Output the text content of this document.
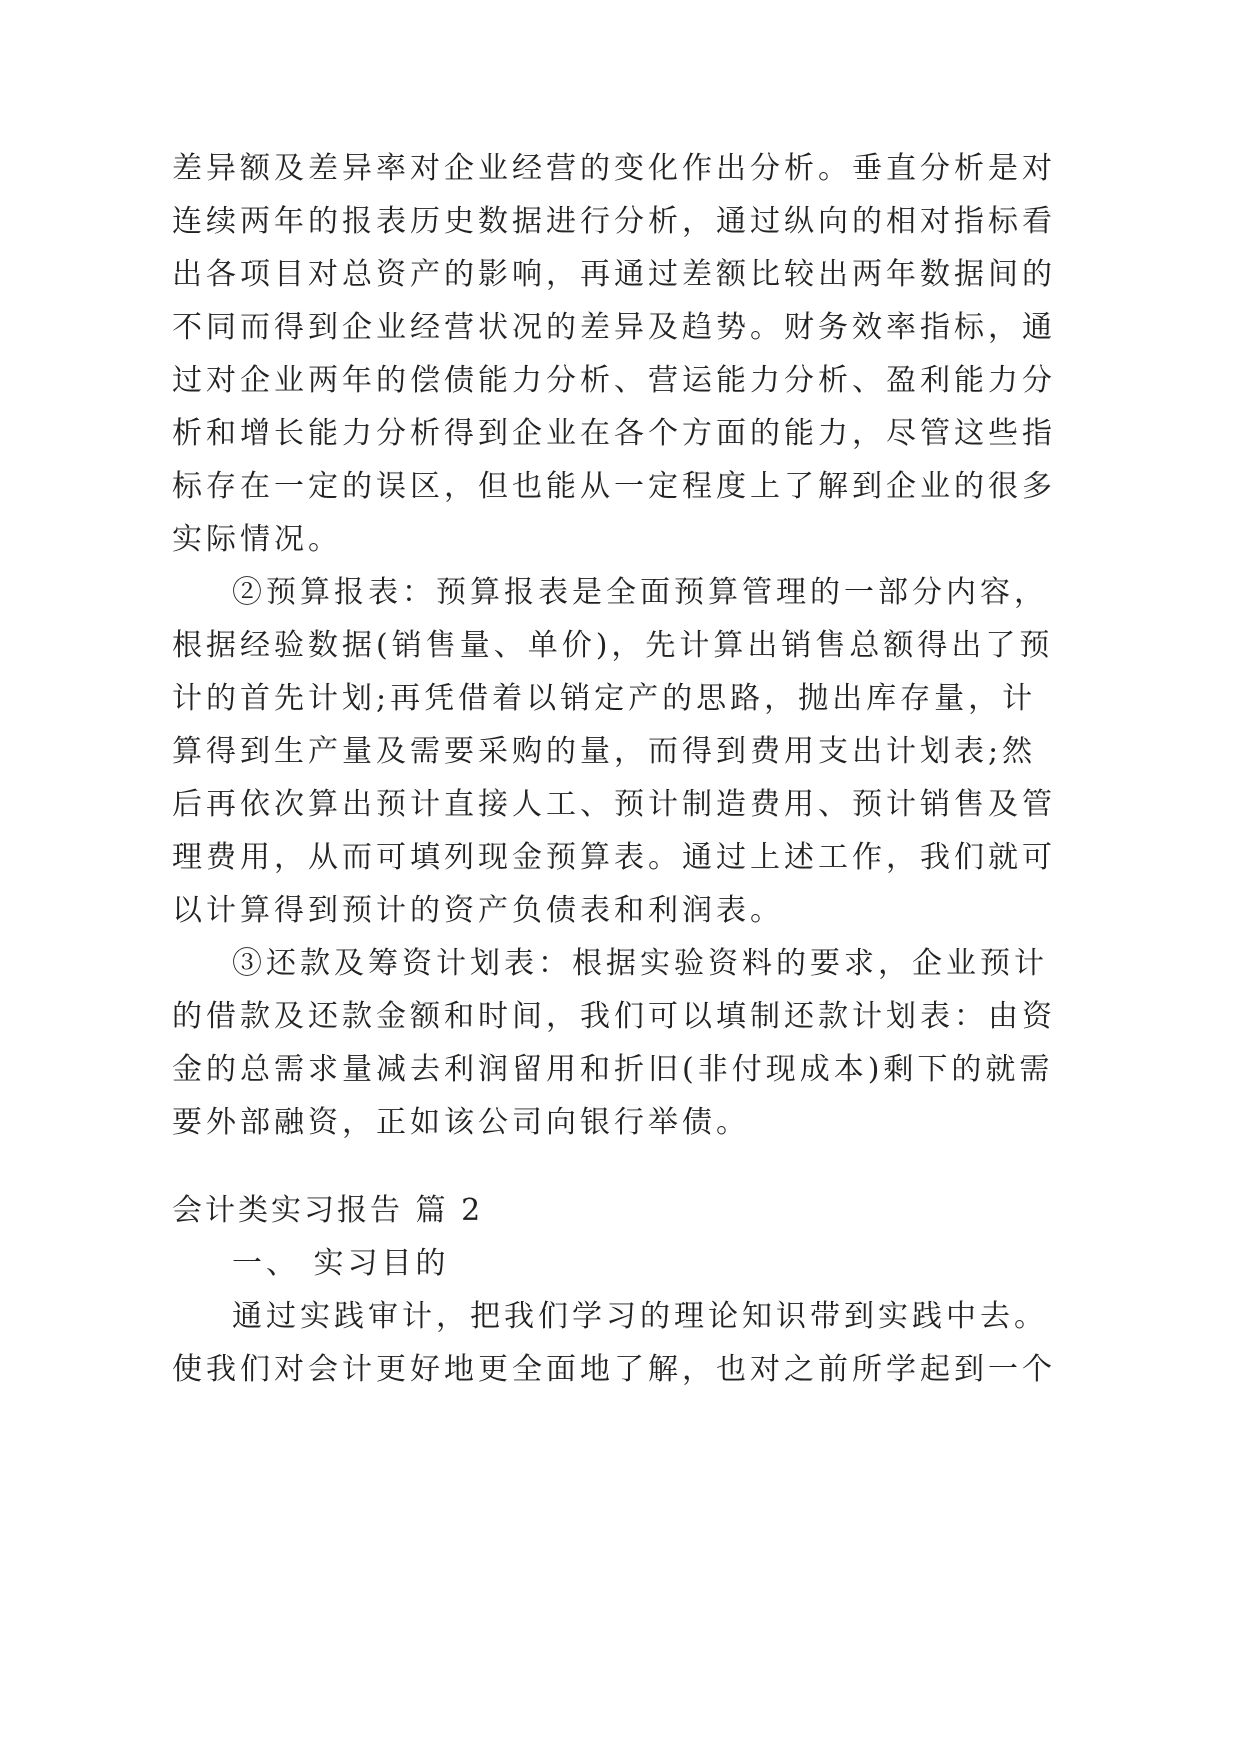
差异额及差异率对企业经营的变化作出分析。垂直分析是对

连续两年的报表历史数据进行分析，通过纵向的相对指标看

出各项目对总资产的影响，再通过差额比较出两年数据间的

不同而得到企业经营状况的差异及趋势。财务效率指标，通

过对企业两年的偿债能力分析、营运能力分析、盈利能力分

析和增长能力分析得到企业在各个方面的能力，尽管这些指

标存在一定的误区，但也能从一定程度上了解到企业的很多

实际情况。

②预算报表：预算报表是全面预算管理的一部分内容，

根据经验数据(销售量、单价)，先计算出销售总额得出了预

计的首先计划;再凭借着以销定产的思路，抛出库存量，计

算得到生产量及需要采购的量，而得到费用支出计划表;然

后再依次算出预计直接人工、预计制造费用、预计销售及管

理费用，从而可填列现金预算表。通过上述工作，我们就可

以计算得到预计的资产负债表和利润表。

③还款及筹资计划表：根据实验资料的要求，企业预计

的借款及还款金额和时间，我们可以填制还款计划表：由资

金的总需求量减去利润留用和折旧(非付现成本)剩下的就需

要外部融资，正如该公司向银行举债。

会计类实习报告 篇 2

一、 实习目的

通过实践审计，把我们学习的理论知识带到实践中去。

使我们对会计更好地更全面地了解，也对之前所学起到一个
